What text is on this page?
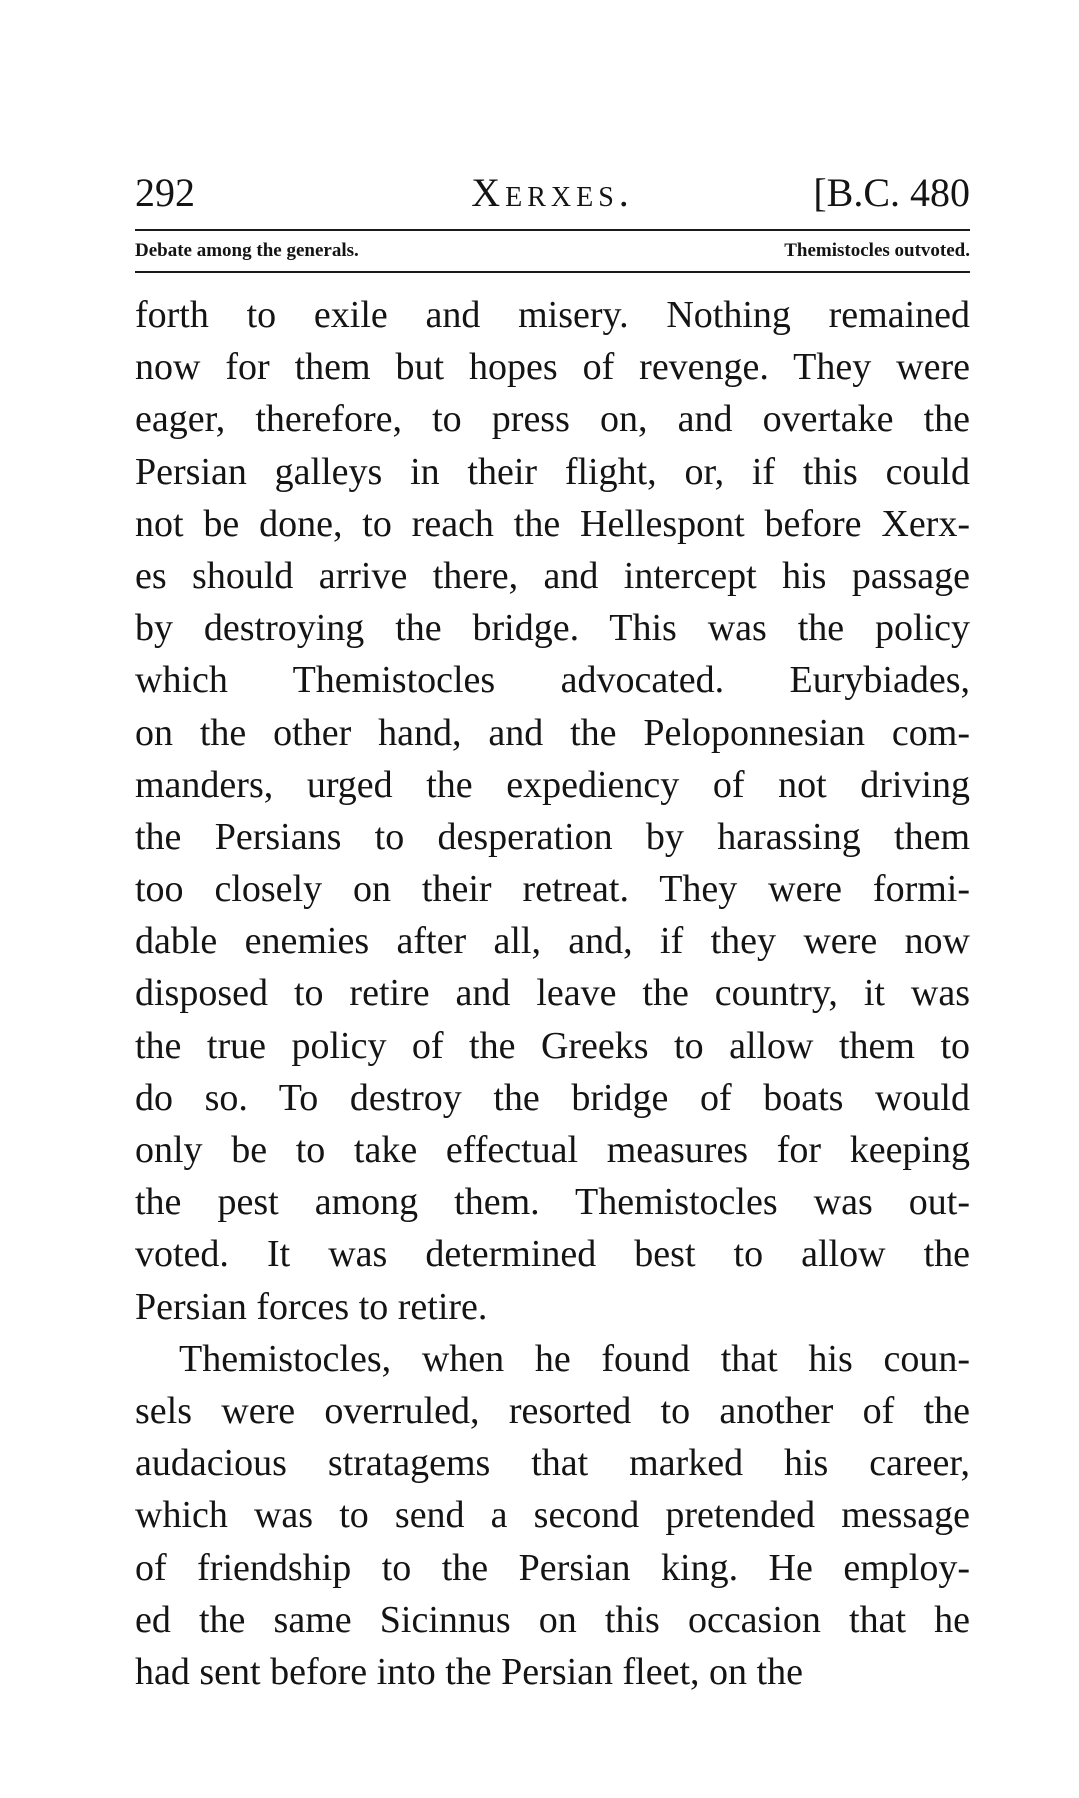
292	Xerxes.	[B.C. 480
Debate among the generals.	Themistocles outvoted.
forth to exile and misery. Nothing remained
now for them but hopes of revenge. They were
eager, therefore, to press on, and overtake the
Persian galleys in their flight, or, if this could
not be done, to reach the Hellespont before Xerx-
es should arrive there, and intercept his passage
by destroying the bridge. This was the policy
which Themistocles advocated. Eurybiades,
on the other hand, and the Peloponnesian com-
manders, urged the expediency of not driving
the Persians to desperation by harassing them
too closely on their retreat. They were formi-
dable enemies after all, and, if they were now
disposed to retire and leave the country, it was
the true policy of the Greeks to allow them to
do so. To destroy the bridge of boats would
only be to take effectual measures for keeping
the pest among them. Themistocles was out-
voted. It was determined best to allow the
Persian forces to retire.
Themistocles, when he found that his coun-
sels were overruled, resorted to another of the
audacious stratagems that marked his career,
which was to send a second pretended message
of friendship to the Persian king. He employ-
ed the same Sicinnus on this occasion that he
had sent before into the Persian fleet, on the
